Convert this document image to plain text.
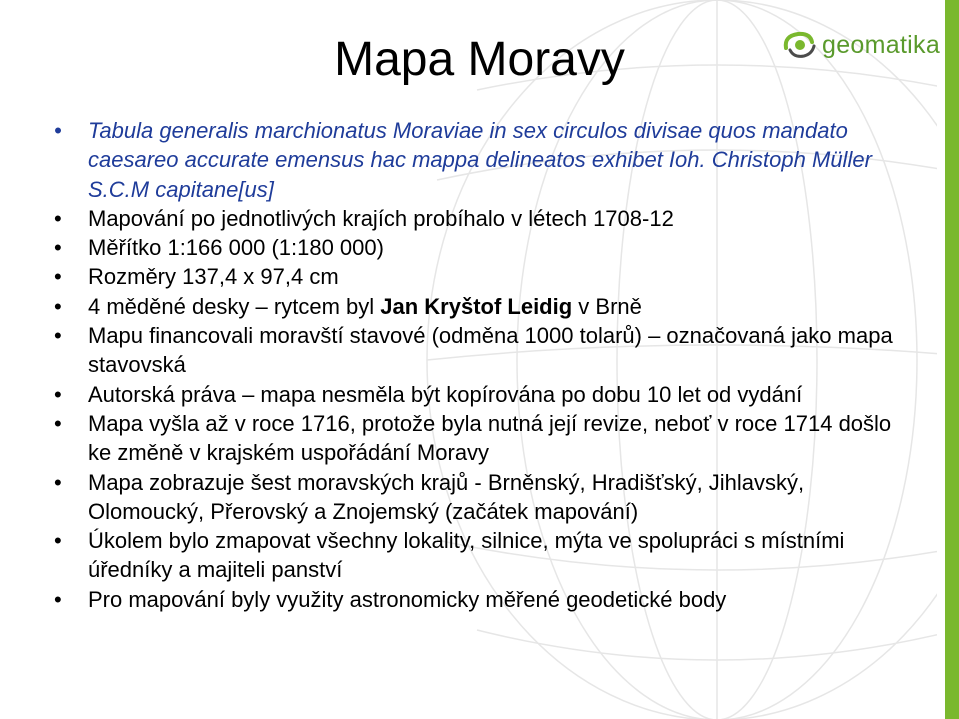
geomatika
Mapa Moravy
• Tabula generalis marchionatus Moraviae in sex circulos divisae quos mandato caesareo accurate emensus hac mappa delineatos exhibet Ioh. Christoph Müller S.C.M capitane[us]
• Mapování po jednotlivých krajích probíhalo v létech 1708-12
• Měřítko 1:166 000 (1:180 000)
• Rozměry 137,4 x 97,4 cm
• 4 měděné desky – rytcem byl Jan Kryštof Leidig v Brně
• Mapu financovali moravští stavové (odměna 1000 tolarů) – označovaná jako mapa stavovská
• Autorská práva – mapa nesměla být kopírována po dobu 10 let od vydání
• Mapa vyšla až v roce 1716, protože byla nutná její revize, neboť v roce 1714 došlo ke změně v krajském uspořádání Moravy
• Mapa zobrazuje šest moravských krajů - Brněnský, Hradišťský, Jihlavský, Olomoucký, Přerovský a Znojemský (začátek mapování)
• Úkolem bylo zmapovat všechny lokality, silnice, mýta ve spolupráci s místními úředníky a majiteli panství
• Pro mapování byly využity astronomicky měřené geodetické body
